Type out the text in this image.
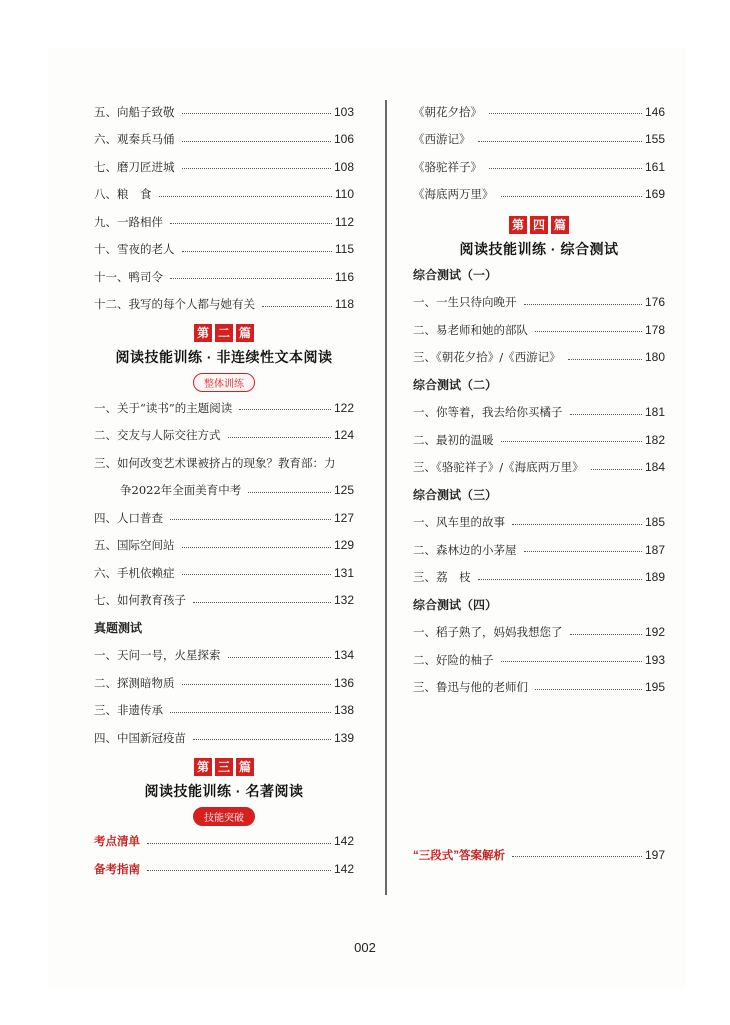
五、向船子致敬	103
六、观秦兵马俑	106
七、磨刀匠进城	108
八、粮　食	110
九、一路相伴	112
十、雪夜的老人	115
十一、鸭司令	116
十二、我写的每个人都与她有关	118
第 二 篇
阅读技能训练 · 非连续性文本阅读
整体训练
一、关于“读书”的主题阅读	122
二、交友与人际交往方式	124
三、如何改变艺术课被挤占的现象？教育部：力
争2022年全面美育中考	125
四、人口普查	127
五、国际空间站	129
六、手机依赖症	131
七、如何教育孩子	132
真题测试
一、天问一号，火星探索	134
二、探测暗物质	136
三、非遗传承	138
四、中国新冠疫苗	139
第 三 篇
阅读技能训练 · 名著阅读
技能突破
考点清单	142
备考指南	142
《朝花夕拾》	146
《西游记》	155
《骆驼祥子》	161
《海底两万里》	169
第 四 篇
阅读技能训练 · 综合测试
综合测试（一）
一、一生只待向晚开	176
二、易老师和她的部队	178
三、《朝花夕拾》/《西游记》	180
综合测试（二）
一、你等着，我去给你买橘子	181
二、最初的温暖	182
三、《骆驼祥子》/《海底两万里》	184
综合测试（三）
一、风车里的故事	185
二、森林边的小茅屋	187
三、荔　枝	189
综合测试（四）
一、稻子熟了，妈妈我想您了	192
二、好险的柚子	193
三、鲁迅与他的老师们	195
“三段式”答案解析	197
002
